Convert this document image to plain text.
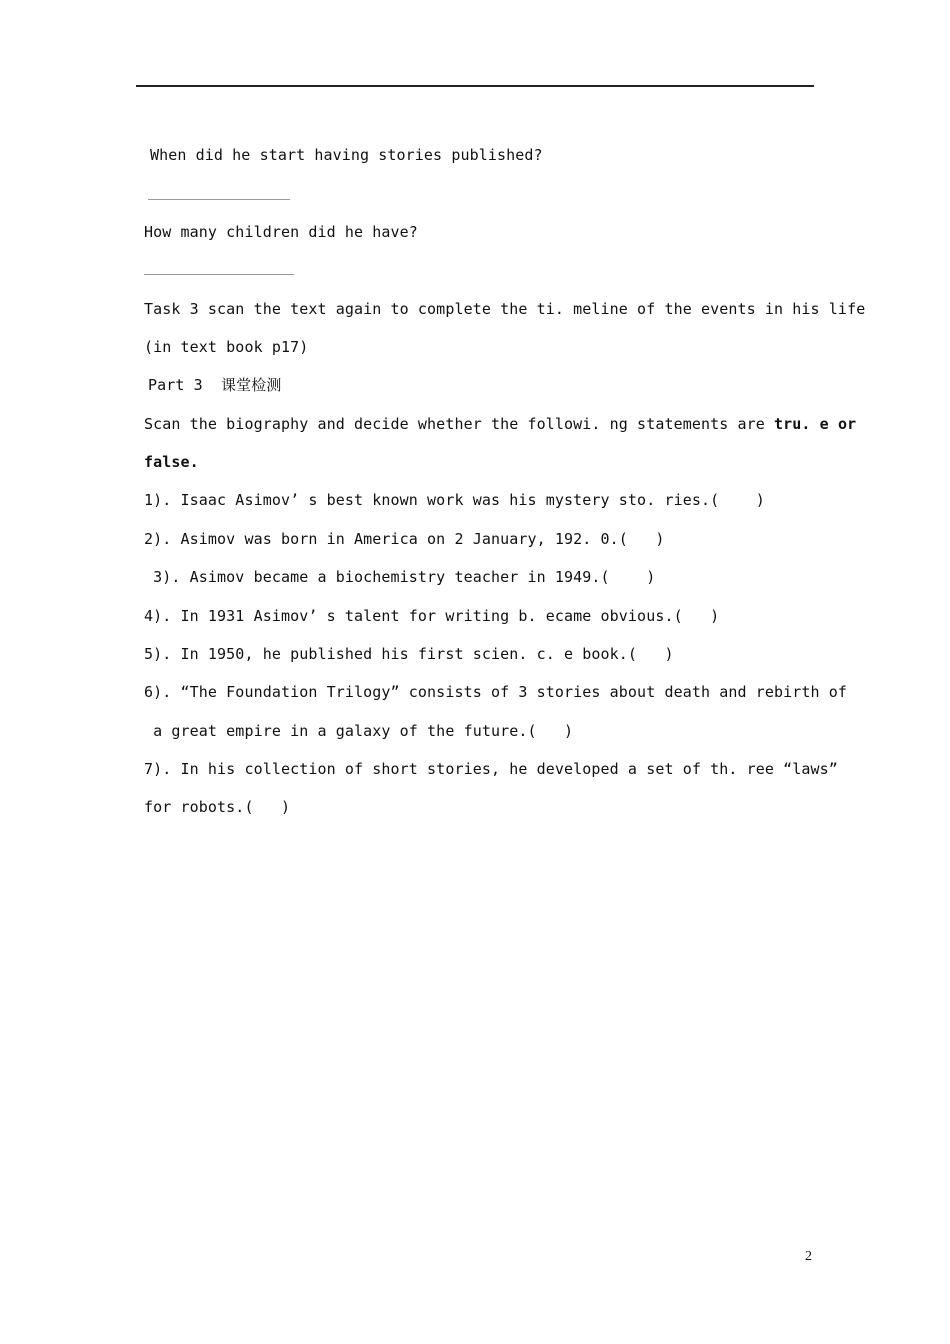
When did he start having stories published?
How many children did he have?
Task 3 scan the text again to complete the ti. meline of the events in his life
(in text book p17)
Part 3  课堂检测
Scan the biography and decide whether the followi. ng statements are tru. e or
false.
1). Isaac Asimov’ s best known work was his mystery sto. ries.(    )
2). Asimov was born in America on 2 January, 192. 0.(   )
3). Asimov became a biochemistry teacher in 1949.(    )
4). In 1931 Asimov’ s talent for writing b. ecame obvious.(   )
5). In 1950, he published his first scien. c. e book.(   )
6). “The Foundation Trilogy” consists of 3 stories about death and rebirth of
a great empire in a galaxy of the future.(   )
7). In his collection of short stories, he developed a set of th. ree “laws”
for robots.(   )
2
